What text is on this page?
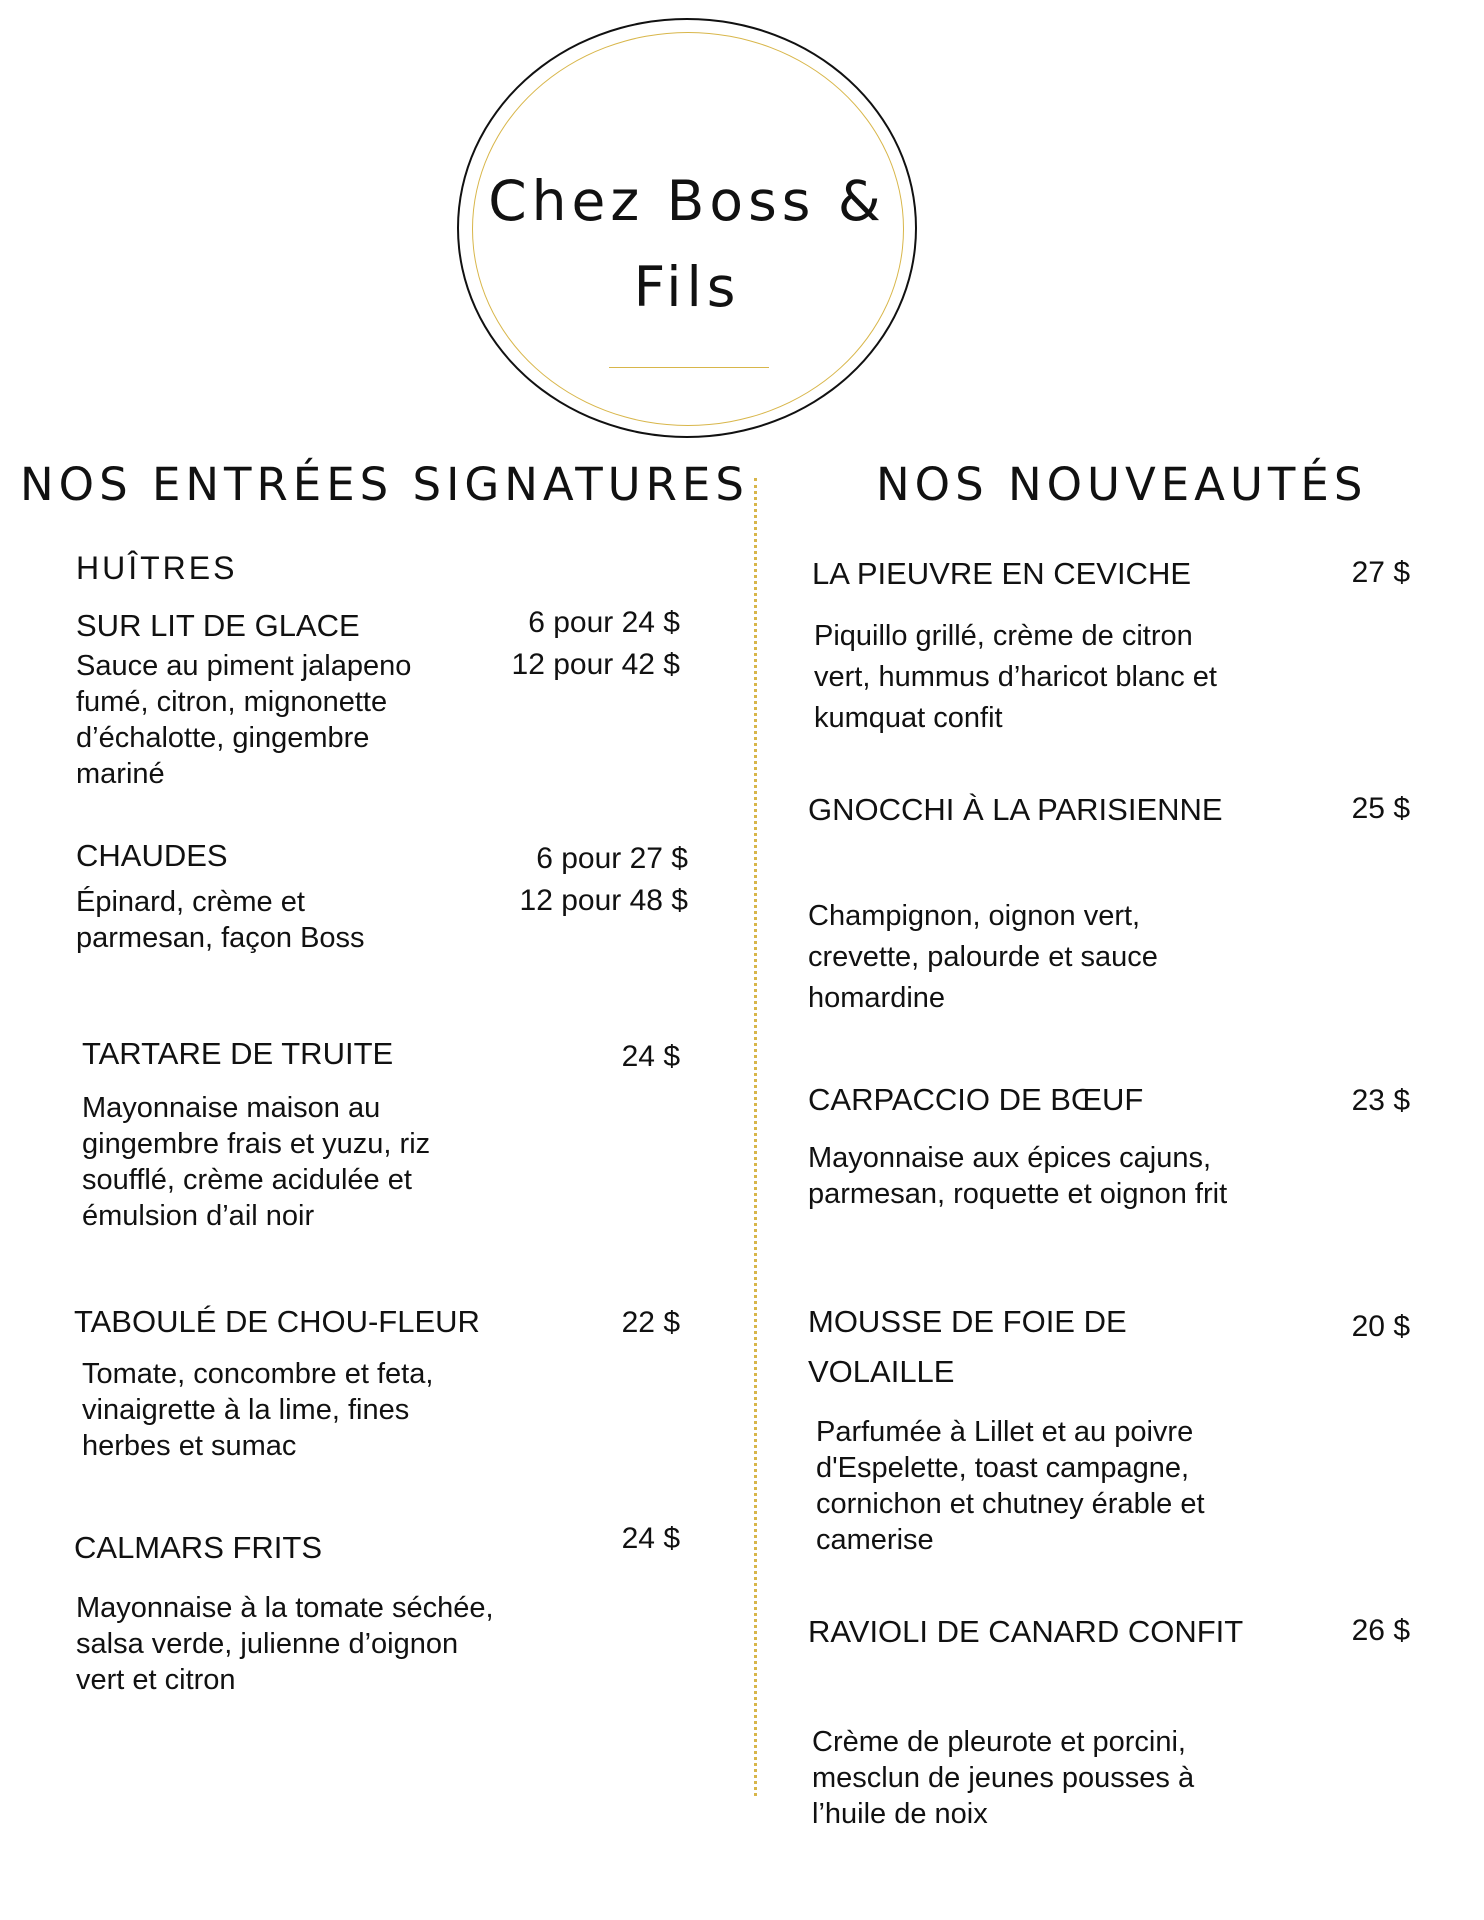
Chez Boss &
Fils
NOS ENTRÉES SIGNATURES
HUÎTRES
SUR LIT DE GLACE	6 pour 24 $
12 pour 42 $
Sauce au piment jalapeno fumé, citron, mignonette d’échalotte, gingembre mariné
CHAUDES	6 pour 27 $
12 pour 48 $
Épinard, crème et parmesan, façon Boss
TARTARE DE TRUITE	24 $
Mayonnaise maison au gingembre frais et yuzu, riz soufflé, crème acidulée et émulsion d’ail noir
TABOULÉ DE CHOU-FLEUR	22 $
Tomate, concombre et feta, vinaigrette à la lime, fines herbes et sumac
CALMARS FRITS	24 $
Mayonnaise à la tomate séchée, salsa verde, julienne d’oignon vert et citron
NOS NOUVEAUTÉS
LA PIEUVRE EN CEVICHE	27 $
Piquillo grillé, crème de citron vert, hummus d’haricot blanc et kumquat confit
GNOCCHI À LA PARISIENNE	25 $
Champignon, oignon vert, crevette, palourde et sauce homardine
CARPACCIO DE BŒUF	23 $
Mayonnaise aux épices cajuns, parmesan, roquette et oignon frit
MOUSSE DE FOIE DE
VOLAILLE
20 $
Parfumée à Lillet et au poivre d'Espelette, toast campagne, cornichon et chutney érable et camerise
RAVIOLI DE CANARD CONFIT	26 $
Crème de pleurote et porcini, mesclun de jeunes pousses à l’huile de noix
